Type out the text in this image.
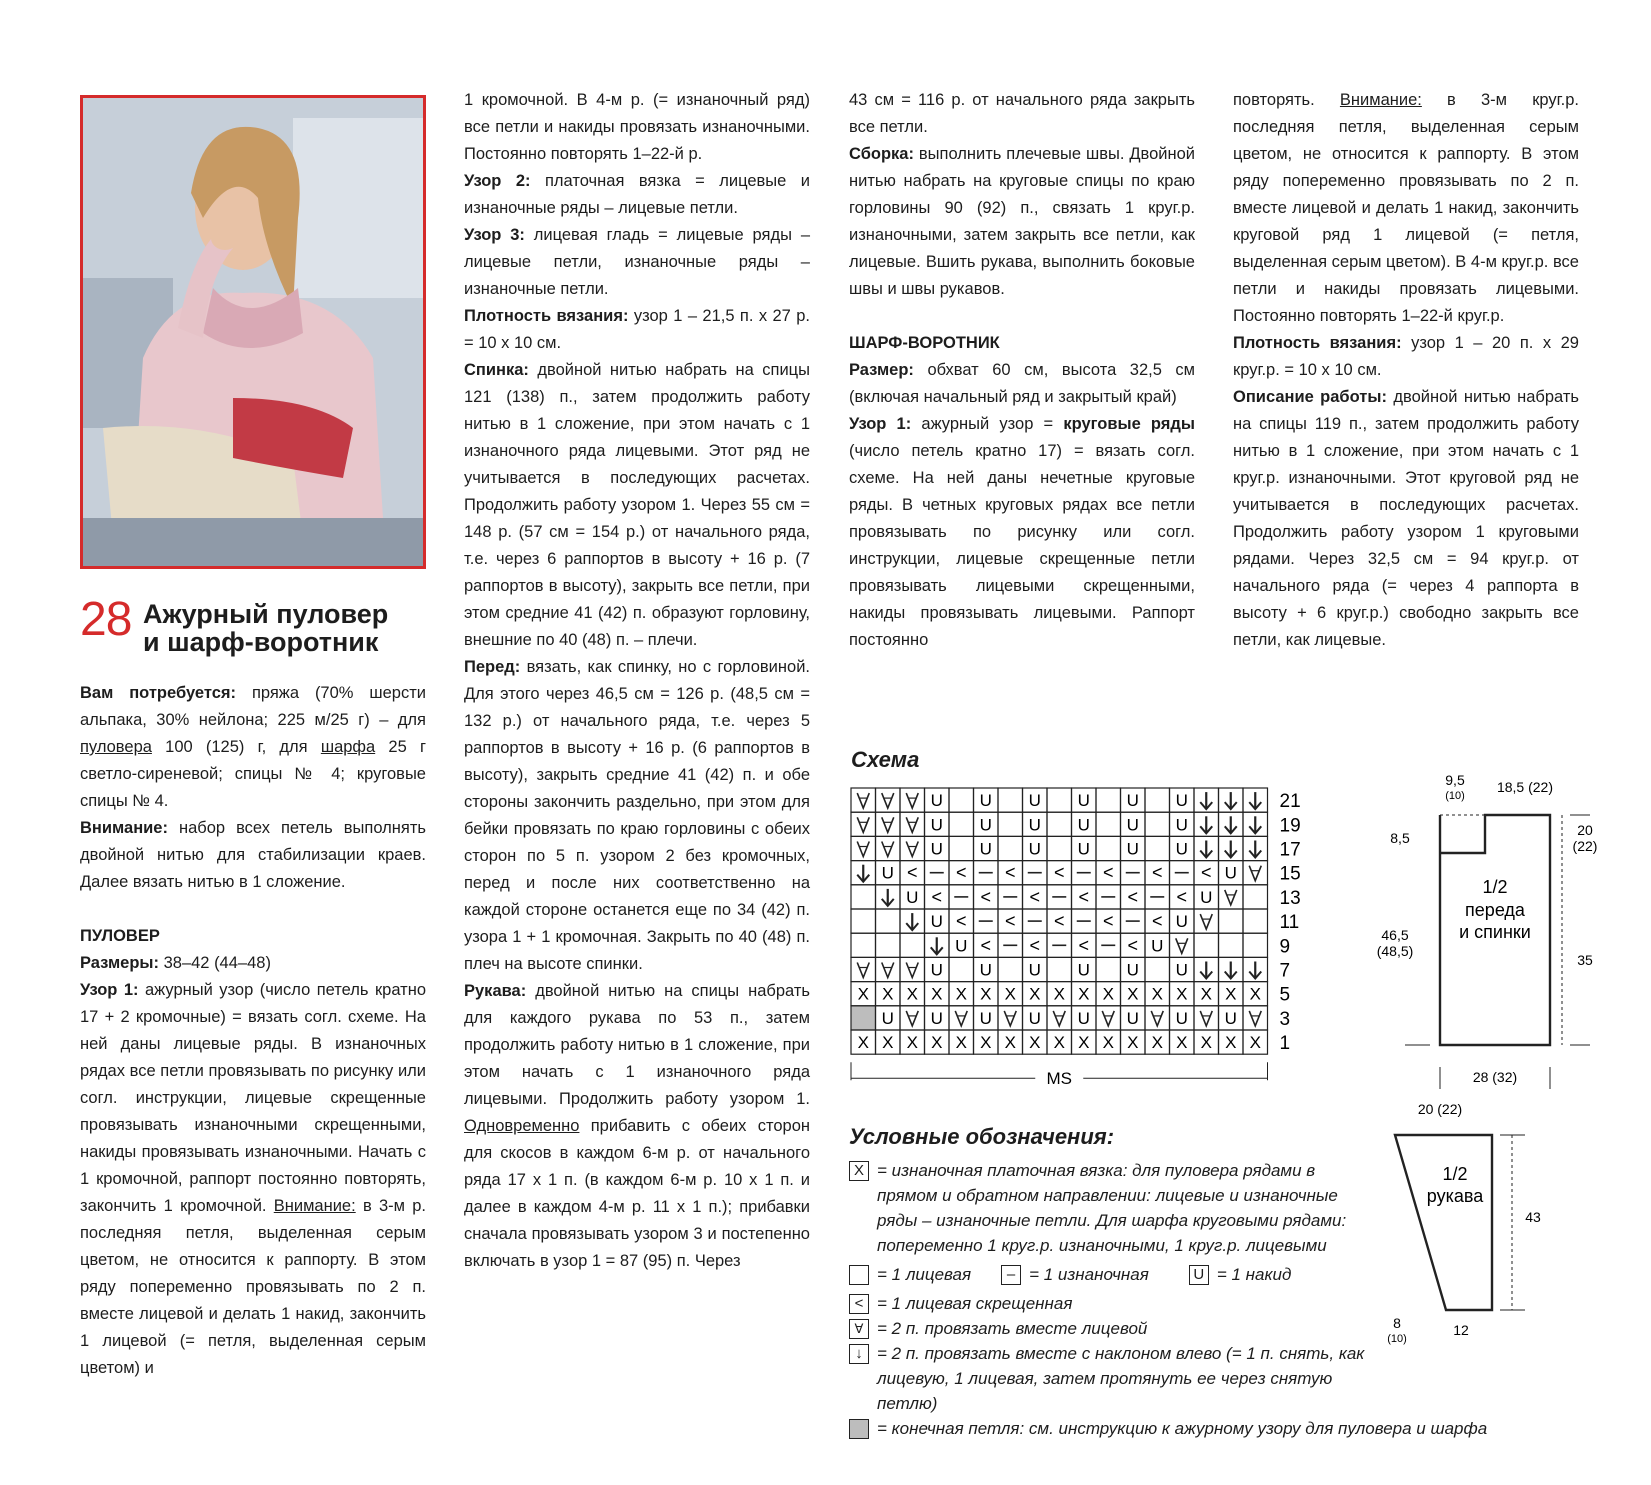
28 Ажурный пуловер
и шарф-воротник

Вам потребуется: пряжа (70% шерсти альпака, 30% нейлона; 225 м/25 г) – для пуловера 100 (125) г, для шарфа 25 г светло-сиреневой; спицы № 4; круговые спицы № 4.

Внимание: набор всех петель выполнять двойной нитью для стабилизации краев. Далее вязать нитью в 1 сложение.

ПУЛОВЕР

Размеры: 38–42 (44–48)

Узор 1: ажурный узор (число петель кратно 17 + 2 кромочные) = вязать согл. схеме. На ней даны лицевые ряды. В изнаночных рядах все петли провязывать по рисунку или согл. инструкции, лицевые скрещенные провязывать изнаночными скрещенными, накиды провязывать изнаночными. Начать с 1 кромочной, раппорт постоянно повторять, закончить 1 кромочной. Внимание: в 3-м р. последняя петля, выделенная серым цветом, не относится к раппорту. В этом ряду попеременно провязывать по 2 п. вместе лицевой и делать 1 накид, закончить 1 лицевой (= петля, выделенная серым цветом) и

1 кромочной. В 4-м р. (= изнаночный ряд) все петли и накиды провязать изнаночными. Постоянно повторять 1–22-й р.

Узор 2: платочная вязка = лицевые и изнаночные ряды – лицевые петли.

Узор 3: лицевая гладь = лицевые ряды – лицевые петли, изнаночные ряды – изнаночные петли.

Плотность вязания: узор 1 – 21,5 п. х 27 р. = 10 х 10 см.

Спинка: двойной нитью набрать на спицы 121 (138) п., затем продолжить работу нитью в 1 сложение, при этом начать с 1 изнаночного ряда лицевыми. Этот ряд не учитывается в последующих расчетах. Продолжить работу узором 1. Через 55 см = 148 р. (57 см = 154 р.) от начального ряда, т.е. через 6 раппортов в высоту + 16 р. (7 раппортов в высоту), закрыть все петли, при этом средние 41 (42) п. образуют горловину, внешние по 40 (48) п. – плечи.

Перед: вязать, как спинку, но с горловиной. Для этого через 46,5 см = 126 р. (48,5 см = 132 р.) от начального ряда, т.е. через 5 раппортов в высоту + 16 р. (6 раппортов в высоту), закрыть средние 41 (42) п. и обе стороны закончить раздельно, при этом для бейки провязать по краю горловины с обеих сторон по 5 п. узором 2 без кромочных, перед и после них соответственно на каждой стороне останется еще по 34 (42) п. узора 1 + 1 кромочная. Закрыть по 40 (48) п. плеч на высоте спинки.

Рукава: двойной нитью на спицы набрать для каждого рукава по 53 п., затем продолжить работу нитью в 1 сложение, при этом начать с 1 изнаночного ряда лицевыми. Продолжить работу узором 1. Одновременно прибавить с обеих сторон для скосов в каждом 6-м р. от начального ряда 17 х 1 п. (в каждом 6-м р. 10 х 1 п. и далее в каждом 4-м р. 11 х 1 п.); прибавки сначала провязывать узором 3 и постепенно включать в узор 1 = 87 (95) п. Через

43 см = 116 р. от начального ряда закрыть все петли.

Сборка: выполнить плечевые швы. Двойной нитью набрать на круговые спицы по краю горловины 90 (92) п., связать 1 круг.р. изнаночными, затем закрыть все петли, как лицевые. Вшить рукава, выполнить боковые швы и швы рукавов.

ШАРФ-ВОРОТНИК

Размер: обхват 60 см, высота 32,5 см (включая начальный ряд и закрытый край)

Узор 1: ажурный узор = круговые ряды (число петель кратно 17) = вязать согл. схеме. На ней даны нечетные круговые ряды. В четных круговых рядах все петли провязывать по рисунку или согл. инструкции, лицевые скрещенные петли провязывать лицевыми скрещенными, накиды провязывать лицевыми. Раппорт постоянно

повторять. Внимание: в 3-м круг.р. последняя петля, выделенная серым цветом, не относится к раппорту. В этом ряду попеременно провязывать по 2 п. вместе лицевой и делать 1 накид, закончить круговой ряд 1 лицевой (= петля, выделенная серым цветом). В 4-м круг.р. все петли и накиды провязать лицевыми. Постоянно повторять 1–22-й круг.р.

Плотность вязания: узор 1 – 20 п. х 29 круг.р. = 10 х 10 см.

Описание работы: двойной нитью набрать на спицы 119 п., затем продолжить работу нитью в 1 сложение, при этом начать с 1 круг.р. изнаночными. Этот круговой ряд не учитывается в последующих расчетах. Продолжить работу узором 1 круговыми рядами. Через 32,5 см = 94 круг.р. от начального ряда (= через 4 раппорта в высоту + 6 круг.р.) свободно закрыть все петли, как лицевые.

Схема
U U U U U U
U U U U U U
U U U U U U
U < < < < < < < U
U < < < < < < U
U < < < < < U
U < < < < U
U U U U U U
X X X X X X X X X X X X X X X X X
U U U U U U U U
X X X X X X X X X X X X X X X X X
21
19
17
15
13
11
9
7
5
3
1
MS
9,5
(10)
18,5 (22)
8,5
1/2
переда
и спинки
20
(22)
35
46,5
(48,5)
28 (32)
20 (22)
1/2
рукава
43
8
(10)
12
Условные обозначения:
X = изнаночная платочная вязка: для пуловера рядами в прямом и обратном направлении: лицевые и изнаночные ряды – изнаночные петли. Для шарфа круговыми рядами: попеременно 1 круг.р. изнаночными, 1 круг.р. лицевыми
= 1 лицевая	– = 1 изнаночная	U = 1 накид
< = 1 лицевая скрещенная
∀ = 2 п. провязать вместе лицевой
↓ = 2 п. провязать вместе с наклоном влево (= 1 п. снять, как лицевую, 1 лицевая, затем протянуть ее через снятую петлю)
= конечная петля: см. инструкцию к ажурному узору для пуловера и шарфа
